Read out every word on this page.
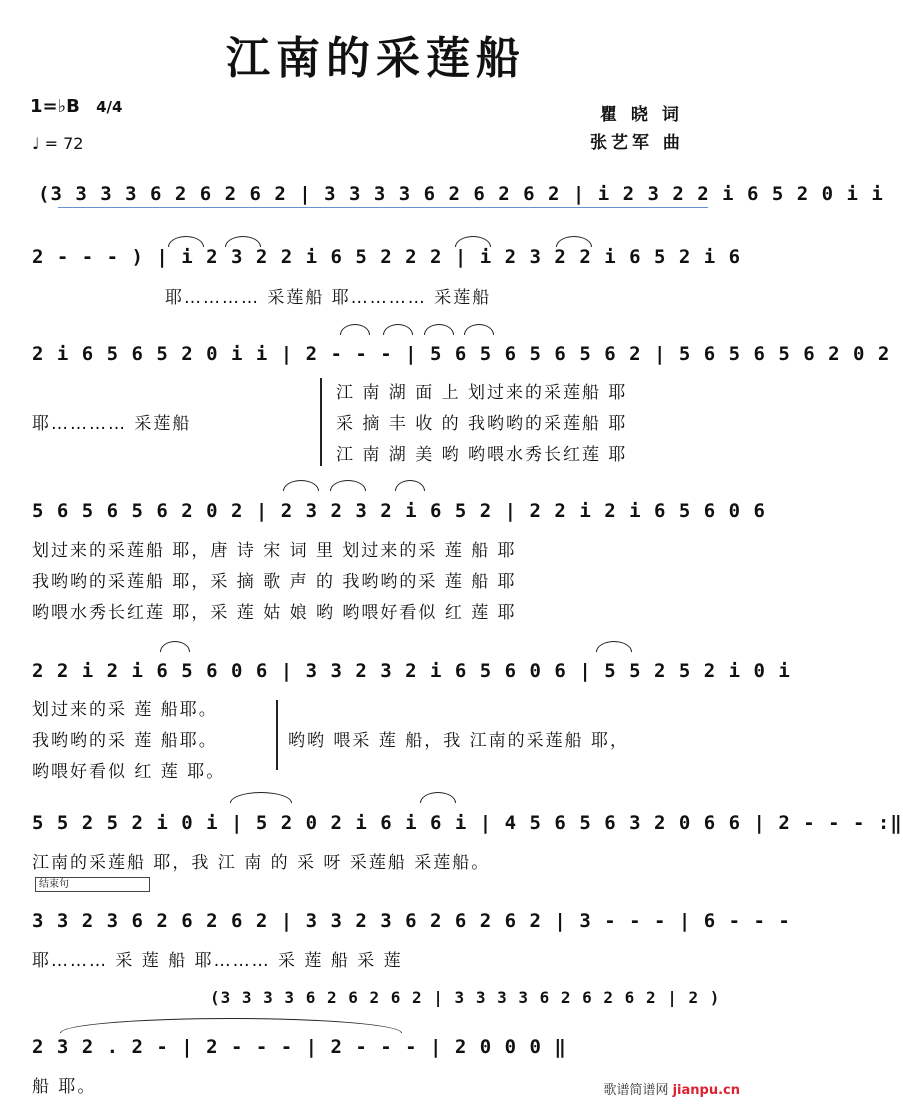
江南的采莲船
1=♭B 4/4
♩ = 72
瞿 晓 词
张艺军 曲
(3 3 3 3 6 2 6 2 6 2 | 3 3 3 3 6 2 6 2 6 2 | i 2 3 2 2 i 6 5 2 0 i i
2 - - - ) | i 2 3 2 2 i 6 5 2 2 2 | i 2 3 2 2 i 6 5 2 i 6
耶………… 采莲船 耶………… 采莲船
2 i 6 5 6 5 2 0 i i | 2 - - - | 5 6 5 6 5 6 5 6 2 | 5 6 5 6 5 6 2 0 2
耶………… 采莲船
江 南 湖 面 上 划过来的采莲船 耶
采 摘 丰 收 的 我哟哟的采莲船 耶
江 南 湖 美 哟 哟喂水秀长红莲 耶
5 6 5 6 5 6 2 0 2 | 2 3 2 3 2 i 6 5 2 | 2 2 i 2 i 6 5 6 0 6
划过来的采莲船 耶，唐 诗 宋 词 里 划过来的采 莲 船 耶
我哟哟的采莲船 耶，采 摘 歌 声 的 我哟哟的采 莲 船 耶
哟喂水秀长红莲 耶，采 莲 姑 娘 哟 哟喂好看似 红 莲 耶
2 2 i 2 i 6 5 6 0 6 | 3 3 2 3 2 i 6 5 6 0 6 | 5 5 2 5 2 i 0 i
划过来的采 莲 船耶。
我哟哟的采 莲 船耶。
哟喂好看似 红 莲 耶。
哟哟 喂采 莲 船，我 江南的采莲船 耶，
5 5 2 5 2 i 0 i | 5 2 0 2 i 6 i 6 i | 4 5 6 5 6 3 2 0 6 6 | 2 - - - :‖
江南的采莲船 耶，我 江 南 的 采 呀 采莲船 采莲船。
结束句
3 3 2 3 6 2 6 2 6 2 | 3 3 2 3 6 2 6 2 6 2 | 3 - - - | 6 - - -
耶……… 采 莲 船 耶……… 采 莲 船 采 莲
(3 3 3 3 6 2 6 2 6 2 | 3 3 3 3 6 2 6 2 6 2 | 2 )
2 3 2 . 2 - | 2 - - - | 2 - - - | 2 0 0 0 ‖
船 耶。	歌谱简谱网 jianpu.cn
